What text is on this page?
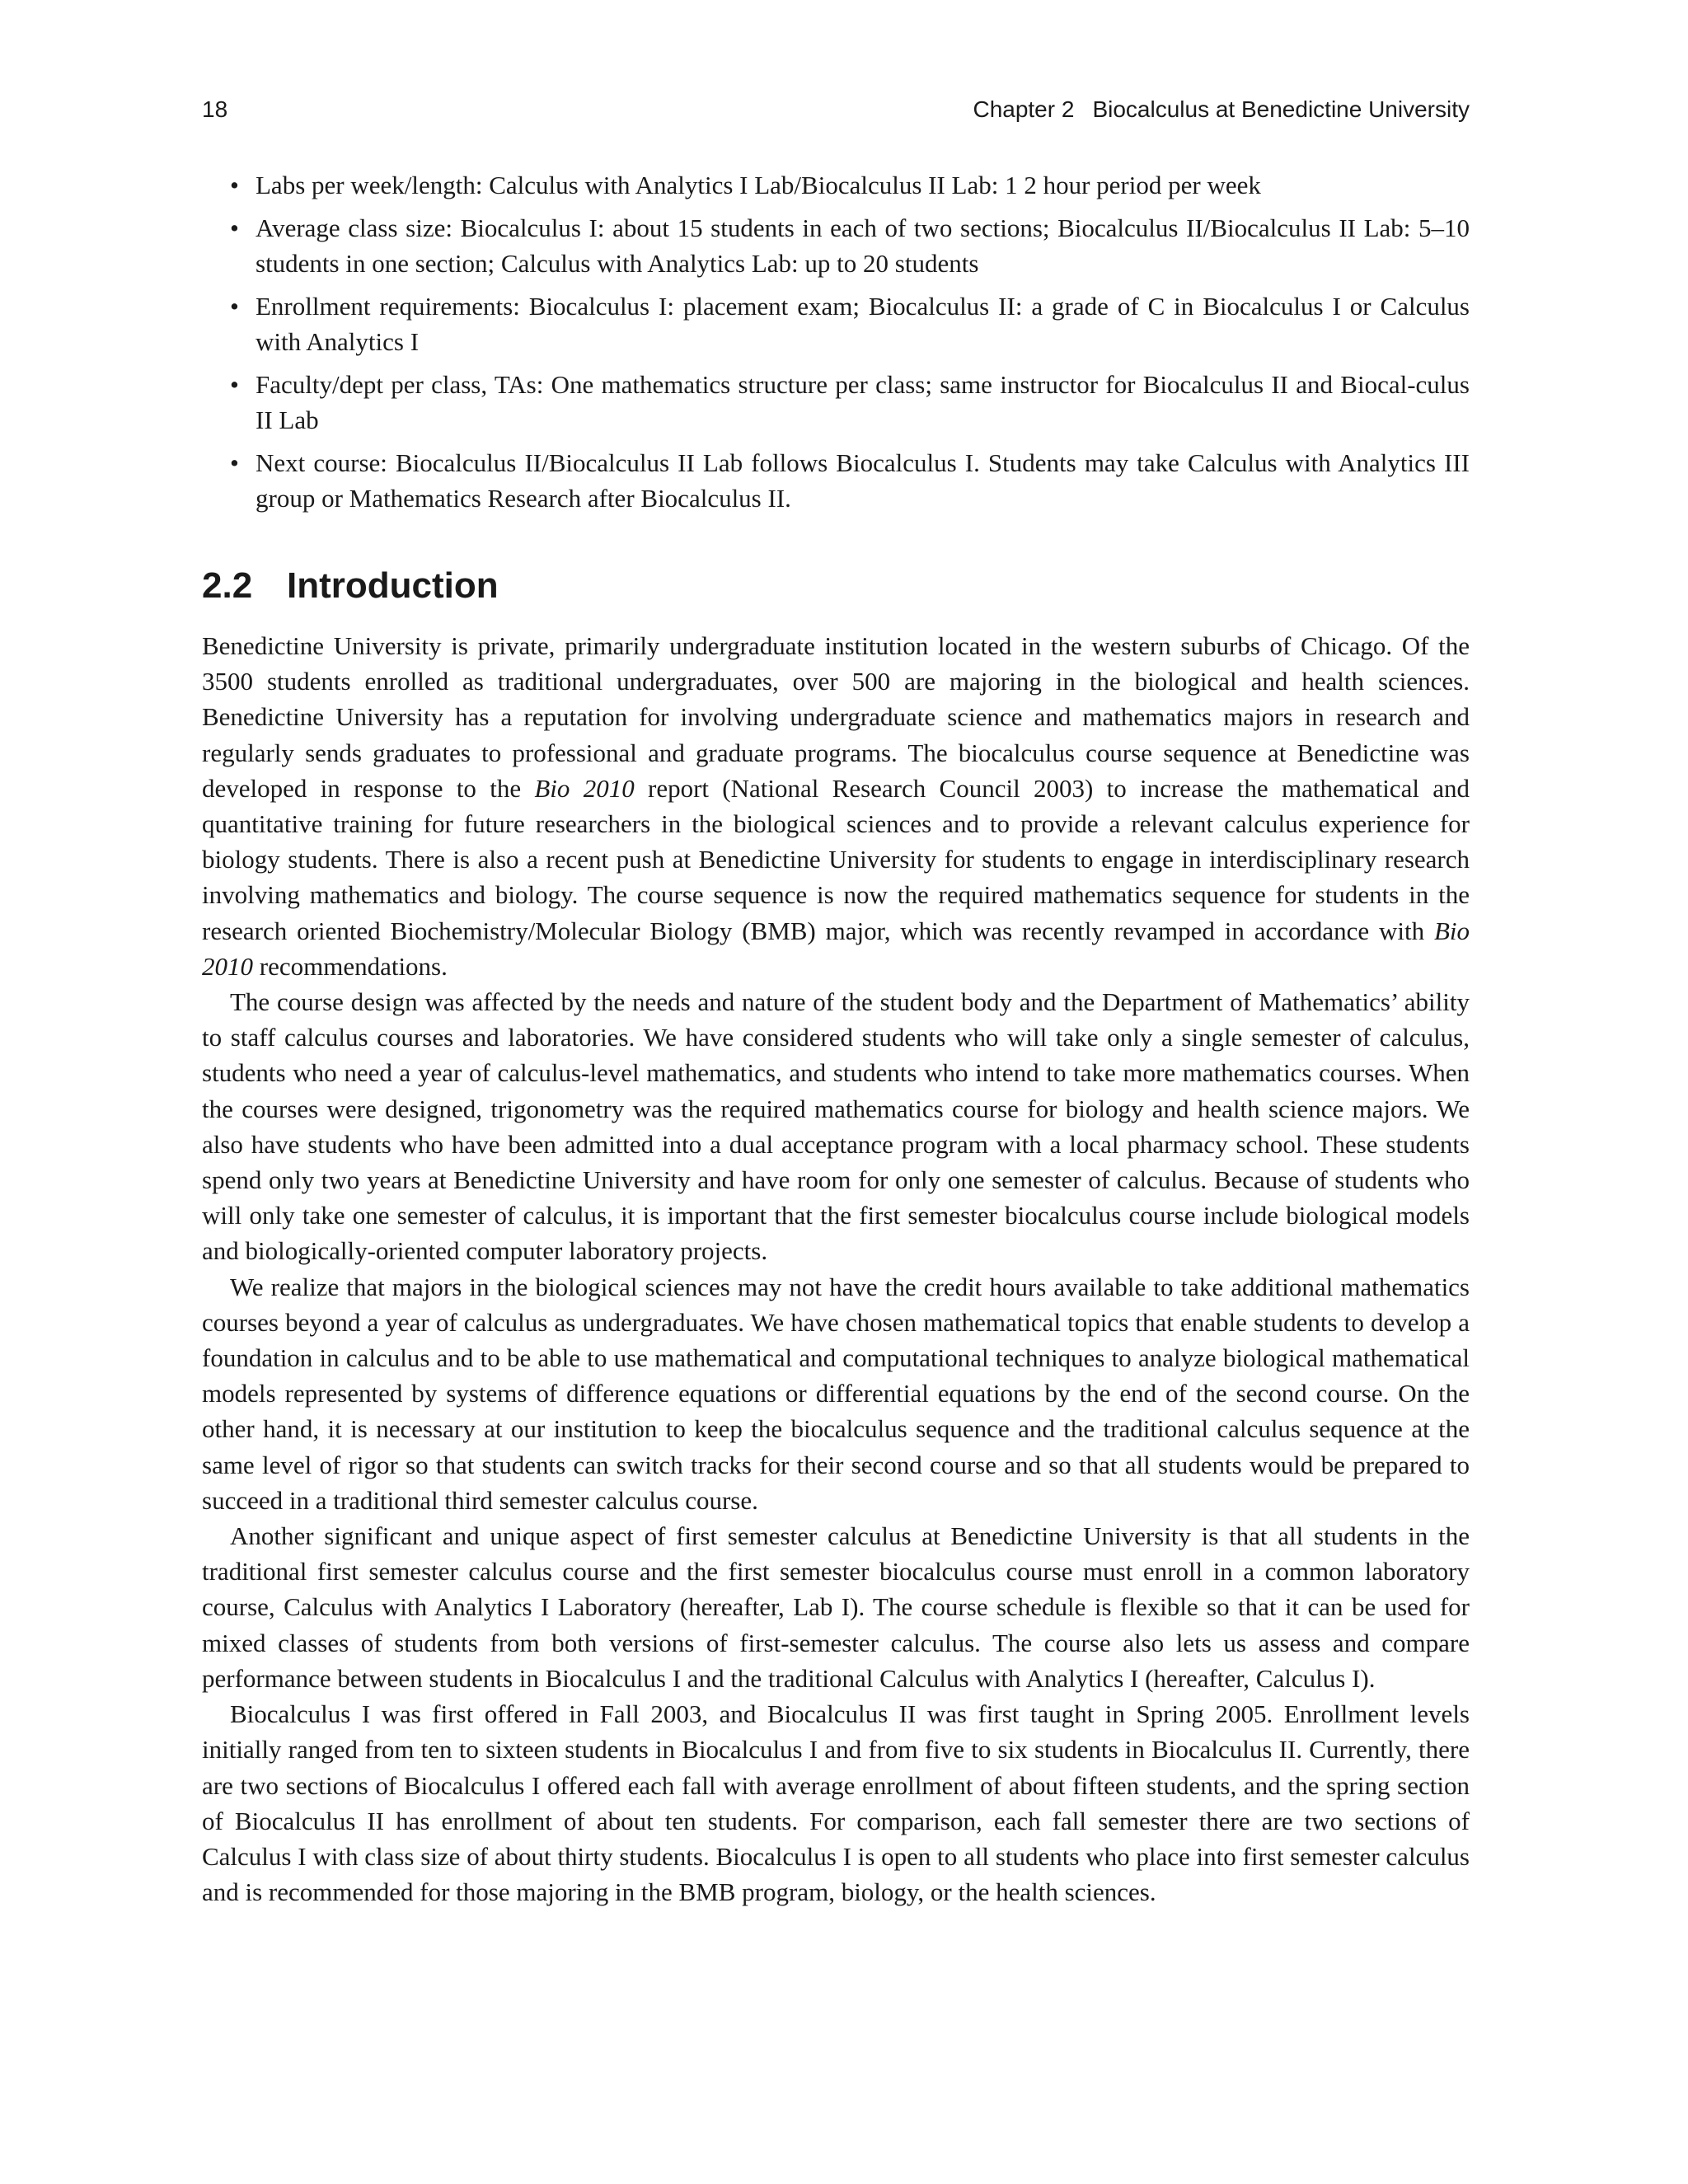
18	Chapter 2 Biocalculus at Benedictine University
• Labs per week/length: Calculus with Analytics I Lab/Biocalculus II Lab: 1 2 hour period per week
• Average class size: Biocalculus I: about 15 students in each of two sections; Biocalculus II/Biocalculus II Lab: 5–10 students in one section; Calculus with Analytics Lab: up to 20 students
• Enrollment requirements: Biocalculus I: placement exam; Biocalculus II: a grade of C in Biocalculus I or Calculus with Analytics I
• Faculty/dept per class, TAs: One mathematics structure per class; same instructor for Biocalculus II and Biocal-culus II Lab
• Next course: Biocalculus II/Biocalculus II Lab follows Biocalculus I. Students may take Calculus with Analytics III group or Mathematics Research after Biocalculus II.
2.2 Introduction

Benedictine University is private, primarily undergraduate institution located in the western suburbs of Chicago. Of the 3500 students enrolled as traditional undergraduates, over 500 are majoring in the biological and health sciences. Benedictine University has a reputation for involving undergraduate science and mathematics majors in research and regularly sends graduates to professional and graduate programs. The biocalculus course sequence at Benedictine was developed in response to the Bio 2010 report (National Research Council 2003) to increase the mathematical and quantitative training for future researchers in the biological sciences and to provide a relevant calculus experience for biology students. There is also a recent push at Benedictine University for students to engage in interdisciplinary research involving mathematics and biology. The course sequence is now the required mathematics sequence for students in the research oriented Biochemistry/Molecular Biology (BMB) major, which was recently revamped in accordance with Bio 2010 recommendations.

The course design was affected by the needs and nature of the student body and the Department of Mathematics’ ability to staff calculus courses and laboratories. We have considered students who will take only a single semester of calculus, students who need a year of calculus-level mathematics, and students who intend to take more mathematics courses. When the courses were designed, trigonometry was the required mathematics course for biology and health science majors. We also have students who have been admitted into a dual acceptance program with a local pharmacy school. These students spend only two years at Benedictine University and have room for only one semester of calculus. Because of students who will only take one semester of calculus, it is important that the first semester biocalculus course include biological models and biologically-oriented computer laboratory projects.

We realize that majors in the biological sciences may not have the credit hours available to take additional mathematics courses beyond a year of calculus as undergraduates. We have chosen mathematical topics that enable students to develop a foundation in calculus and to be able to use mathematical and computational techniques to analyze biological mathematical models represented by systems of difference equations or differential equations by the end of the second course. On the other hand, it is necessary at our institution to keep the biocalculus sequence and the traditional calculus sequence at the same level of rigor so that students can switch tracks for their second course and so that all students would be prepared to succeed in a traditional third semester calculus course.

Another significant and unique aspect of first semester calculus at Benedictine University is that all students in the traditional first semester calculus course and the first semester biocalculus course must enroll in a common laboratory course, Calculus with Analytics I Laboratory (hereafter, Lab I). The course schedule is flexible so that it can be used for mixed classes of students from both versions of first-semester calculus. The course also lets us assess and compare performance between students in Biocalculus I and the traditional Calculus with Analytics I (hereafter, Calculus I).

Biocalculus I was first offered in Fall 2003, and Biocalculus II was first taught in Spring 2005. Enrollment levels initially ranged from ten to sixteen students in Biocalculus I and from five to six students in Biocalculus II. Currently, there are two sections of Biocalculus I offered each fall with average enrollment of about fifteen students, and the spring section of Biocalculus II has enrollment of about ten students. For comparison, each fall semester there are two sections of Calculus I with class size of about thirty students. Biocalculus I is open to all students who place into first semester calculus and is recommended for those majoring in the BMB program, biology, or the health sciences.
